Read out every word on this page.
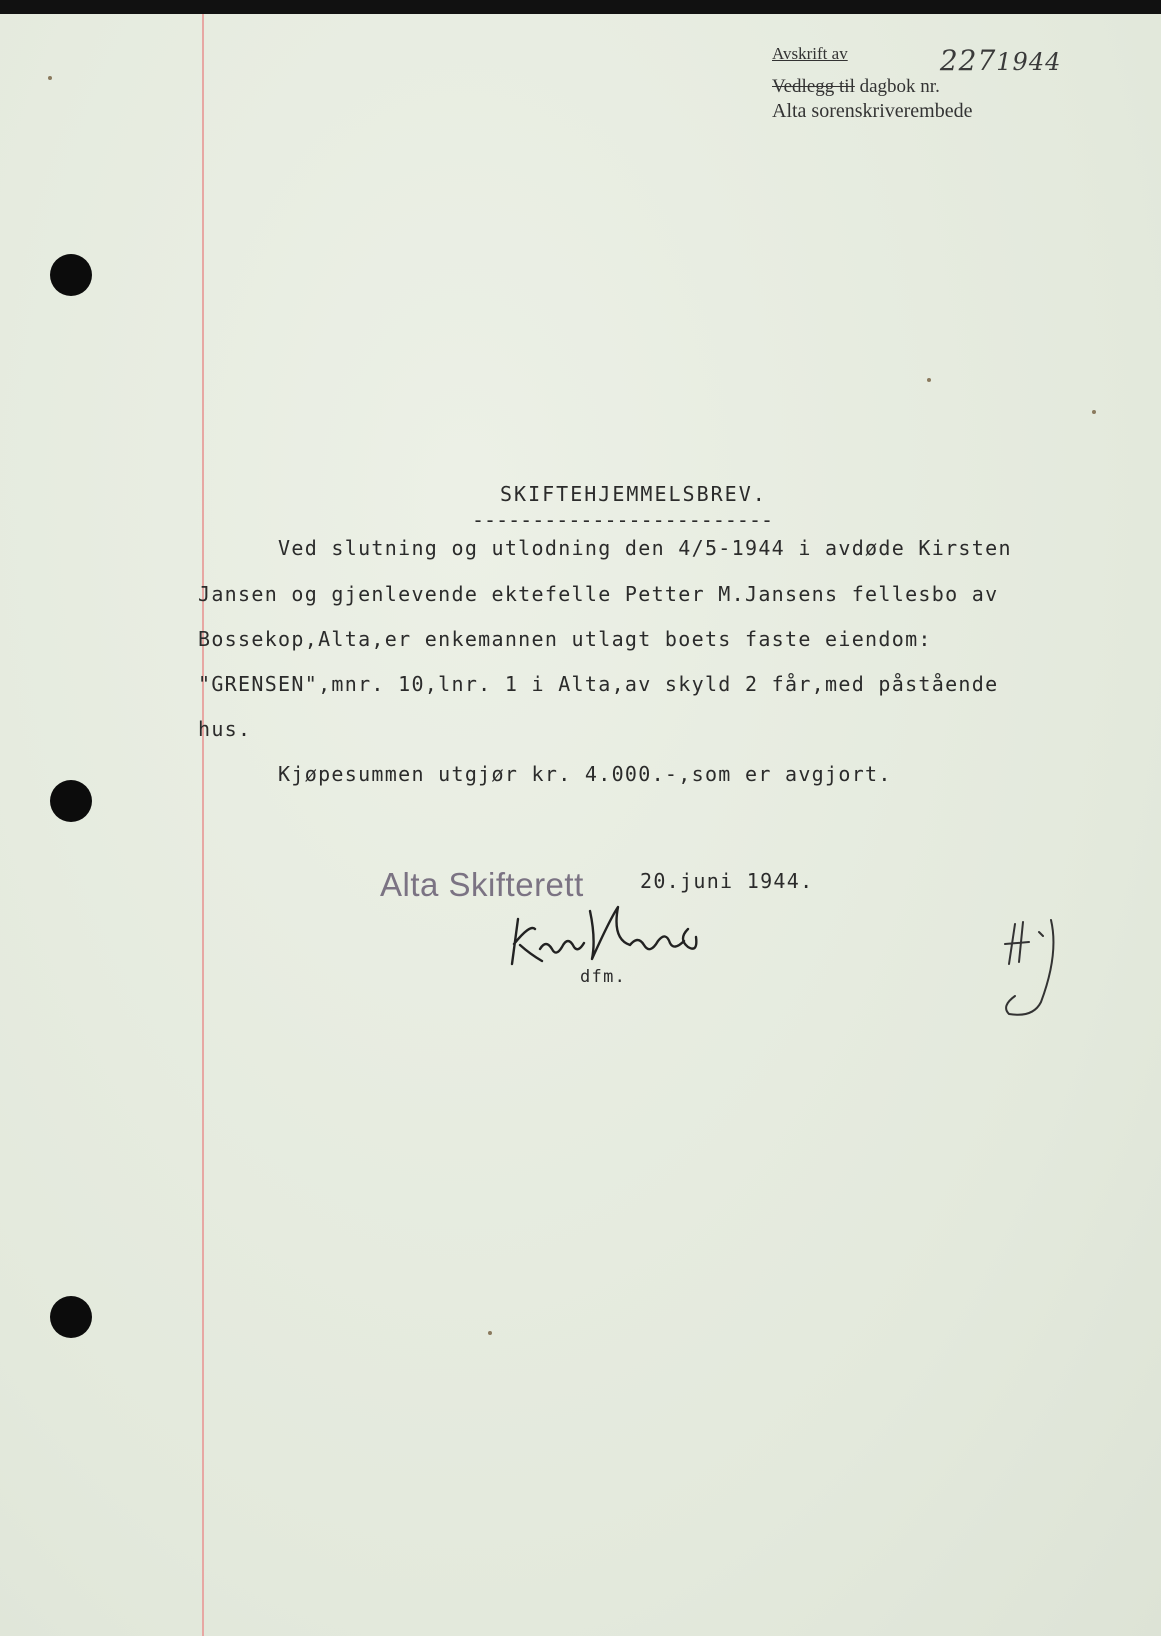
Avskrift av
Vedlegg til dagbok nr.2271944
Alta sorenskriverembede
SKIFTEHJEMMELSBREV.
-------------------------
Ved slutning og utlodning den 4/5-1944 i avdøde Kirsten
Jansen og gjenlevende ektefelle Petter M.Jansens fellesbo av
Bossekop,Alta,er enkemannen utlagt boets faste eiendom:
"GRENSEN",mnr. 10,lnr. 1 i Alta,av skyld 2 får,med påstående
hus.
Kjøpesummen utgjør kr. 4.000.-,som er avgjort.
Alta Skifterett	20.juni 1944.
dfm.
